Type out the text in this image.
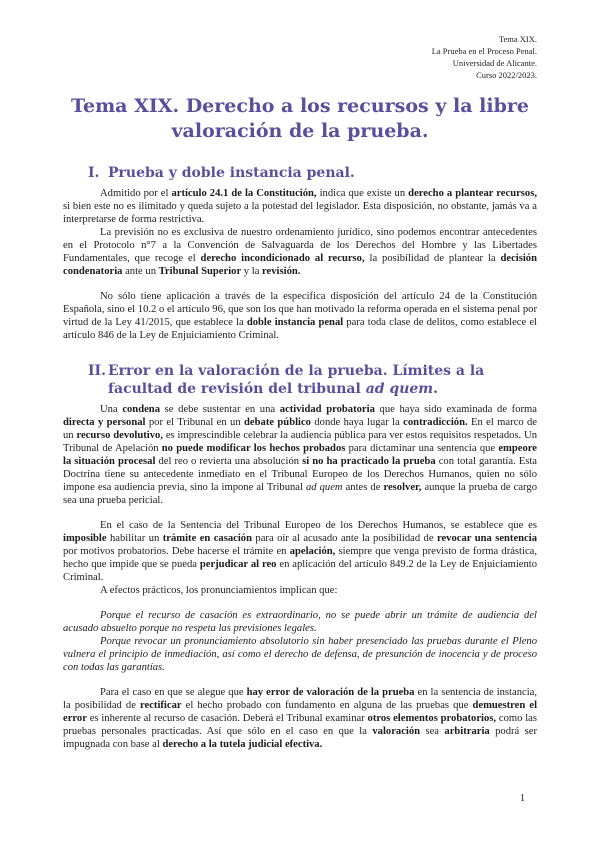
Tema XIX.
La Prueba en el Proceso Penal.
Universidad de Alicante.
Curso 2022/2023.
Tema XIX. Derecho a los recursos y la libre valoración de la prueba.
I. Prueba y doble instancia penal.

Admitido por el artículo 24.1 de la Constitución, indica que existe un derecho a plantear recursos, si bien este no es ilimitado y queda sujeto a la potestad del legislador. Esta disposición, no obstante, jamás va a interpretarse de forma restrictiva.

La previsión no es exclusiva de nuestro ordenamiento jurídico, sino podemos encontrar antecedentes en el Protocolo n°7 a la Convención de Salvaguarda de los Derechos del Hombre y las Libertades Fundamentales, que recoge el derecho incondicionado al recurso, la posibilidad de plantear la decisión condenatoria ante un Tribunal Superior y la revisión.

No sólo tiene aplicación a través de la específica disposición del artículo 24 de la Constitución Española, sino el 10.2 o el artículo 96, que son los que han motivado la reforma operada en el sistema penal por virtud de la Ley 41/2015, que establece la doble instancia penal para toda clase de delitos, como establece el artículo 846 de la Ley de Enjuiciamiento Criminal.

II. Error en la valoración de la prueba. Límites a la facultad de revisión del tribunal ad quem.

Una condena se debe sustentar en una actividad probatoria que haya sido examinada de forma directa y personal por el Tribunal en un debate público donde haya lugar la contradicción. En el marco de un recurso devolutivo, es imprescindible celebrar la audiencia pública para ver estos requisitos respetados. Un Tribunal de Apelación no puede modificar los hechos probados para dictaminar una sentencia que empeore la situación procesal del reo o revierta una absolución si no ha practicado la prueba con total garantía. Esta Doctrina tiene su antecedente inmediato en el Tribunal Europeo de los Derechos Humanos, quien no sólo impone esa audiencia previa, sino la impone al Tribunal ad quem antes de resolver, aunque la prueba de cargo sea una prueba pericial.

En el caso de la Sentencia del Tribunal Europeo de los Derechos Humanos, se establece que es imposible habilitar un trámite en casación para oír al acusado ante la posibilidad de revocar una sentencia por motivos probatorios. Debe hacerse el trámite en apelación, siempre que venga previsto de forma drástica, hecho que impide que se pueda perjudicar al reo en aplicación del artículo 849.2 de la Ley de Enjuiciamiento Criminal.

A efectos prácticos, los pronunciamientos implican que:

Porque el recurso de casación es extraordinario, no se puede abrir un trámite de audiencia del acusado absuelto porque no respeta las previsiones legales.

Porque revocar un pronunciamiento absolutorio sin haber presenciado las pruebas durante el Pleno vulnera el principio de inmediación, así como el derecho de defensa, de presunción de inocencia y de proceso con todas las garantías.

Para el caso en que se alegue que hay error de valoración de la prueba en la sentencia de instancia, la posibilidad de rectificar el hecho probado con fundamento en alguna de las pruebas que demuestren el error es inherente al recurso de casación. Deberá el Tribunal examinar otros elementos probatorios, como las pruebas personales practicadas. Así que sólo en el caso en que la valoración sea arbitraria podrá ser impugnada con base al derecho a la tutela judicial efectiva.

1
